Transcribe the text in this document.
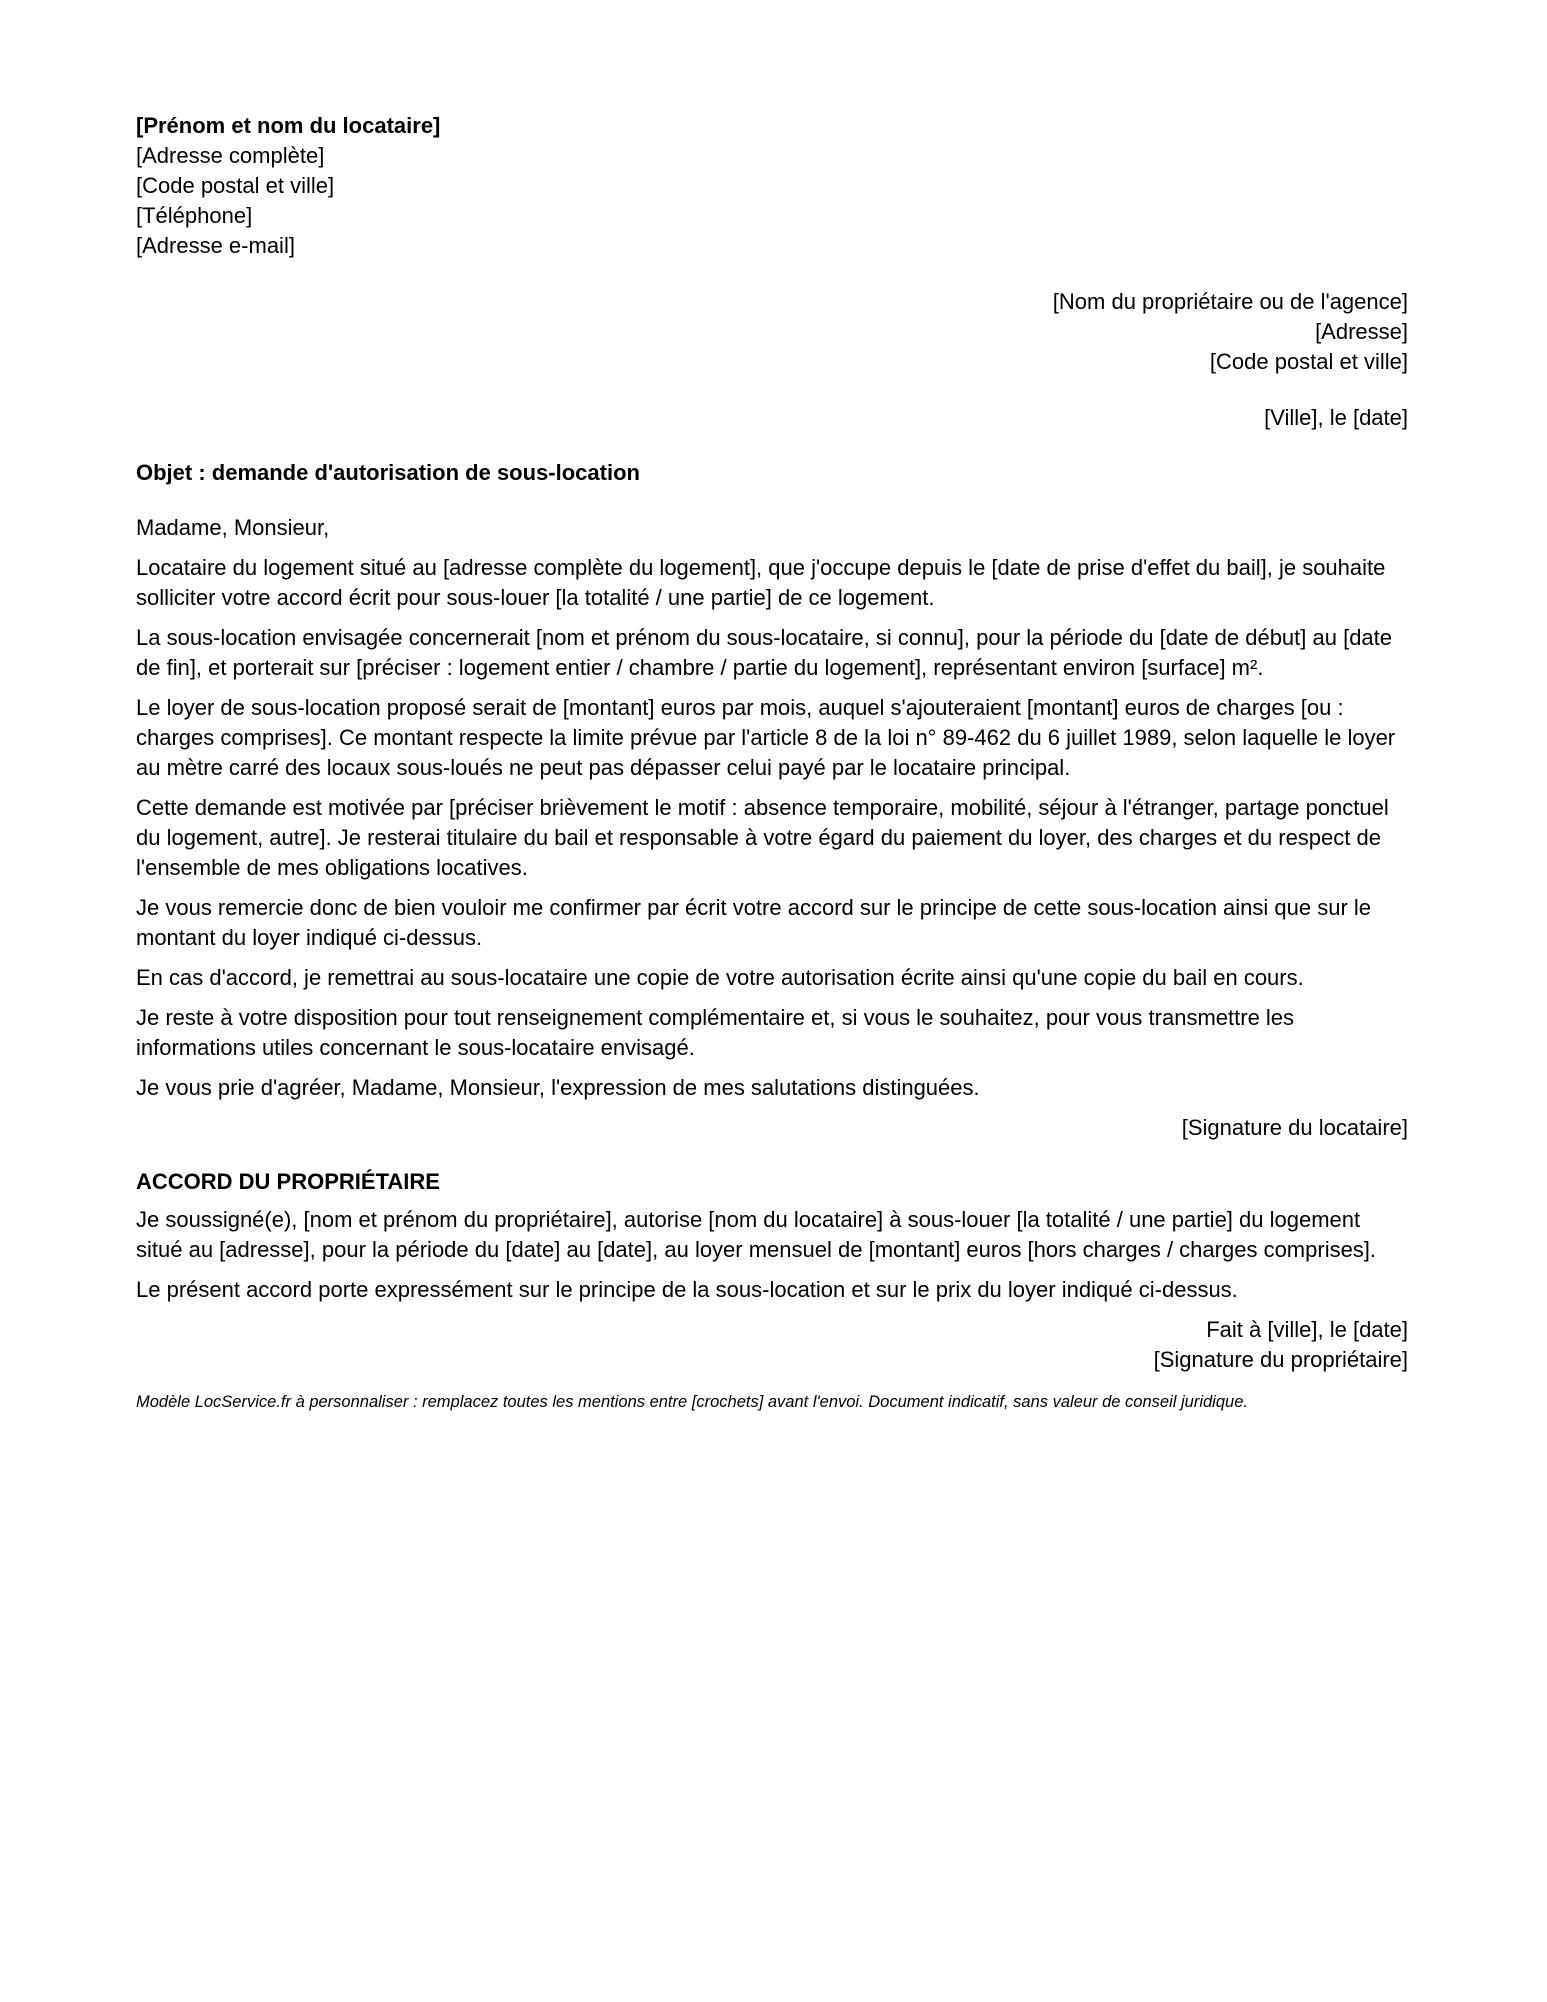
[Prénom et nom du locataire]

[Adresse complète]

[Code postal et ville]

[Téléphone]

[Adresse e-mail]

[Nom du propriétaire ou de l'agence]

[Adresse]

[Code postal et ville]

[Ville], le [date]

Objet : demande d'autorisation de sous-location

Madame, Monsieur,

Locataire du logement situé au [adresse complète du logement], que j'occupe depuis le [date de prise d'effet du bail], je souhaite solliciter votre accord écrit pour sous-louer [la totalité / une partie] de ce logement.

La sous-location envisagée concernerait [nom et prénom du sous-locataire, si connu], pour la période du [date de début] au [date de fin], et porterait sur [préciser : logement entier / chambre / partie du logement], représentant environ [surface] m².

Le loyer de sous-location proposé serait de [montant] euros par mois, auquel s'ajouteraient [montant] euros de charges [ou : charges comprises]. Ce montant respecte la limite prévue par l'article 8 de la loi n° 89-462 du 6 juillet 1989, selon laquelle le loyer au mètre carré des locaux sous-loués ne peut pas dépasser celui payé par le locataire principal.

Cette demande est motivée par [préciser brièvement le motif : absence temporaire, mobilité, séjour à l'étranger, partage ponctuel du logement, autre]. Je resterai titulaire du bail et responsable à votre égard du paiement du loyer, des charges et du respect de l'ensemble de mes obligations locatives.

Je vous remercie donc de bien vouloir me confirmer par écrit votre accord sur le principe de cette sous-location ainsi que sur le montant du loyer indiqué ci-dessus.

En cas d'accord, je remettrai au sous-locataire une copie de votre autorisation écrite ainsi qu'une copie du bail en cours.

Je reste à votre disposition pour tout renseignement complémentaire et, si vous le souhaitez, pour vous transmettre les informations utiles concernant le sous-locataire envisagé.

Je vous prie d'agréer, Madame, Monsieur, l'expression de mes salutations distinguées.

[Signature du locataire]

ACCORD DU PROPRIÉTAIRE

Je soussigné(e), [nom et prénom du propriétaire], autorise [nom du locataire] à sous-louer [la totalité / une partie] du logement situé au [adresse], pour la période du [date] au [date], au loyer mensuel de [montant] euros [hors charges / charges comprises].

Le présent accord porte expressément sur le principe de la sous-location et sur le prix du loyer indiqué ci-dessus.

Fait à [ville], le [date]

[Signature du propriétaire]

Modèle LocService.fr à personnaliser : remplacez toutes les mentions entre [crochets] avant l'envoi. Document indicatif, sans valeur de conseil juridique.
